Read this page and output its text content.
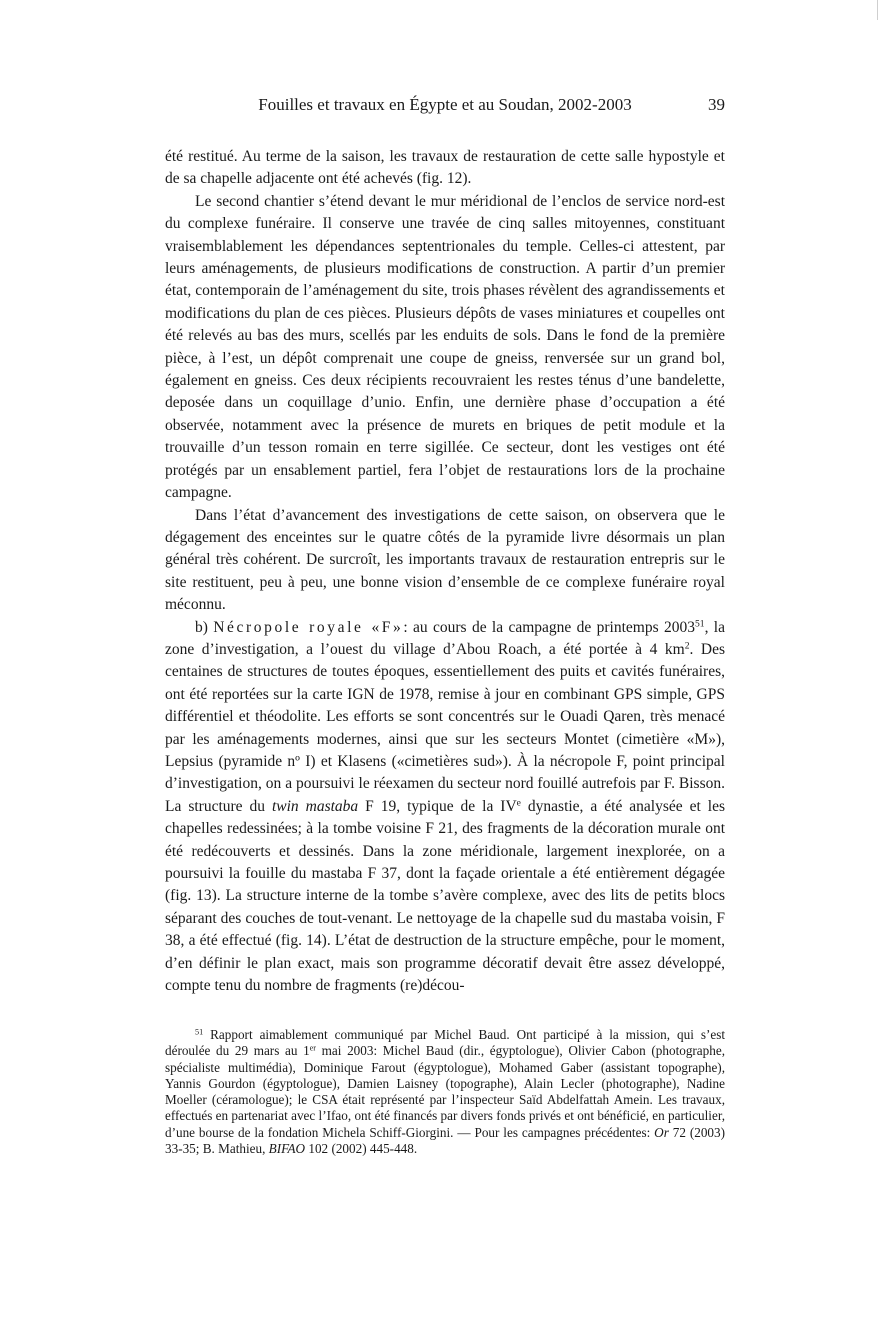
Fouilles et travaux en Égypte et au Soudan, 2002-2003	39

été restitué. Au terme de la saison, les travaux de restauration de cette salle hypostyle et de sa chapelle adjacente ont été achevés (fig. 12).

Le second chantier s’étend devant le mur méridional de l’enclos de service nord-est du complexe funéraire. Il conserve une travée de cinq salles mitoyennes, constituant vraisemblablement les dépendances septentrionales du temple. Celles-ci attestent, par leurs aménagements, de plusieurs modifications de construction. A partir d’un premier état, contemporain de l’aménagement du site, trois phases révèlent des agrandissements et modifications du plan de ces pièces. Plusieurs dépôts de vases miniatures et coupelles ont été relevés au bas des murs, scellés par les enduits de sols. Dans le fond de la première pièce, à l’est, un dépôt comprenait une coupe de gneiss, renversée sur un grand bol, également en gneiss. Ces deux récipients recouvraient les restes ténus d’une bandelette, deposée dans un coquillage d’unio. Enfin, une dernière phase d’occupation a été observée, notamment avec la présence de murets en briques de petit module et la trouvaille d’un tesson romain en terre sigillée. Ce secteur, dont les vestiges ont été protégés par un ensablement partiel, fera l’objet de restaurations lors de la prochaine campagne.

Dans l’état d’avancement des investigations de cette saison, on observera que le dégagement des enceintes sur le quatre côtés de la pyramide livre désormais un plan général très cohérent. De surcroît, les importants travaux de restauration entrepris sur le site restituent, peu à peu, une bonne vision d’ensemble de ce complexe funéraire royal méconnu.

b) Nécropole royale «F»: au cours de la campagne de printemps 2003$^{51}$, la zone d’investigation, a l’ouest du village d’Abou Roach, a été portée à 4 $km^2$. Des centaines de structures de toutes époques, essentiellement des puits et cavités funéraires, ont été reportées sur la carte IGN de 1978, remise à jour en combinant GPS simple, GPS différentiel et théodolite. Les efforts se sont concentrés sur le Ouadi Qaren, très menacé par les aménagements modernes, ainsi que sur les secteurs Montet (cimetière «M»), Lepsius (pyramide nº I) et Klasens («cimetières sud»). À la nécropole F, point principal d’investigation, on a poursuivi le réexamen du secteur nord fouillé autrefois par F. Bisson. La structure du twin mastaba F 19, typique de la IVe dynastie, a été analysée et les chapelles redessinées; à la tombe voisine F 21, des fragments de la décoration murale ont été redécouverts et dessinés. Dans la zone méridionale, largement inexplorée, on a poursuivi la fouille du mastaba F 37, dont la façade orientale a été entièrement dégagée (fig. 13). La structure interne de la tombe s’avère complexe, avec des lits de petits blocs séparant des couches de tout-venant. Le nettoyage de la chapelle sud du mastaba voisin, F 38, a été effectué (fig. 14). L’état de destruction de la structure empêche, pour le moment, d’en définir le plan exact, mais son programme décoratif devait être assez développé, compte tenu du nombre de fragments (re)décou-

$^{51}$ Rapport aimablement communiqué par Michel Baud. Ont participé à la mission, qui s’est déroulée du 29 mars au 1er mai 2003: Michel Baud (dir., égyptologue), Olivier Cabon (photographe, spécialiste multimédia), Dominique Farout (égyptologue), Mohamed Gaber (assistant topographe), Yannis Gourdon (égyptologue), Damien Laisney (topographe), Alain Lecler (photographe), Nadine Moeller (céramologue); le CSA était représenté par l’inspecteur Saïd Abdelfattah Amein. Les travaux, effectués en partenariat avec l’Ifao, ont été financés par divers fonds privés et ont bénéficié, en particulier, d’une bourse de la fondation Michela Schiff-Giorgini. — Pour les campagnes précédentes: Or 72 (2003) 33-35; B. Mathieu, BIFAO 102 (2002) 445-448.
